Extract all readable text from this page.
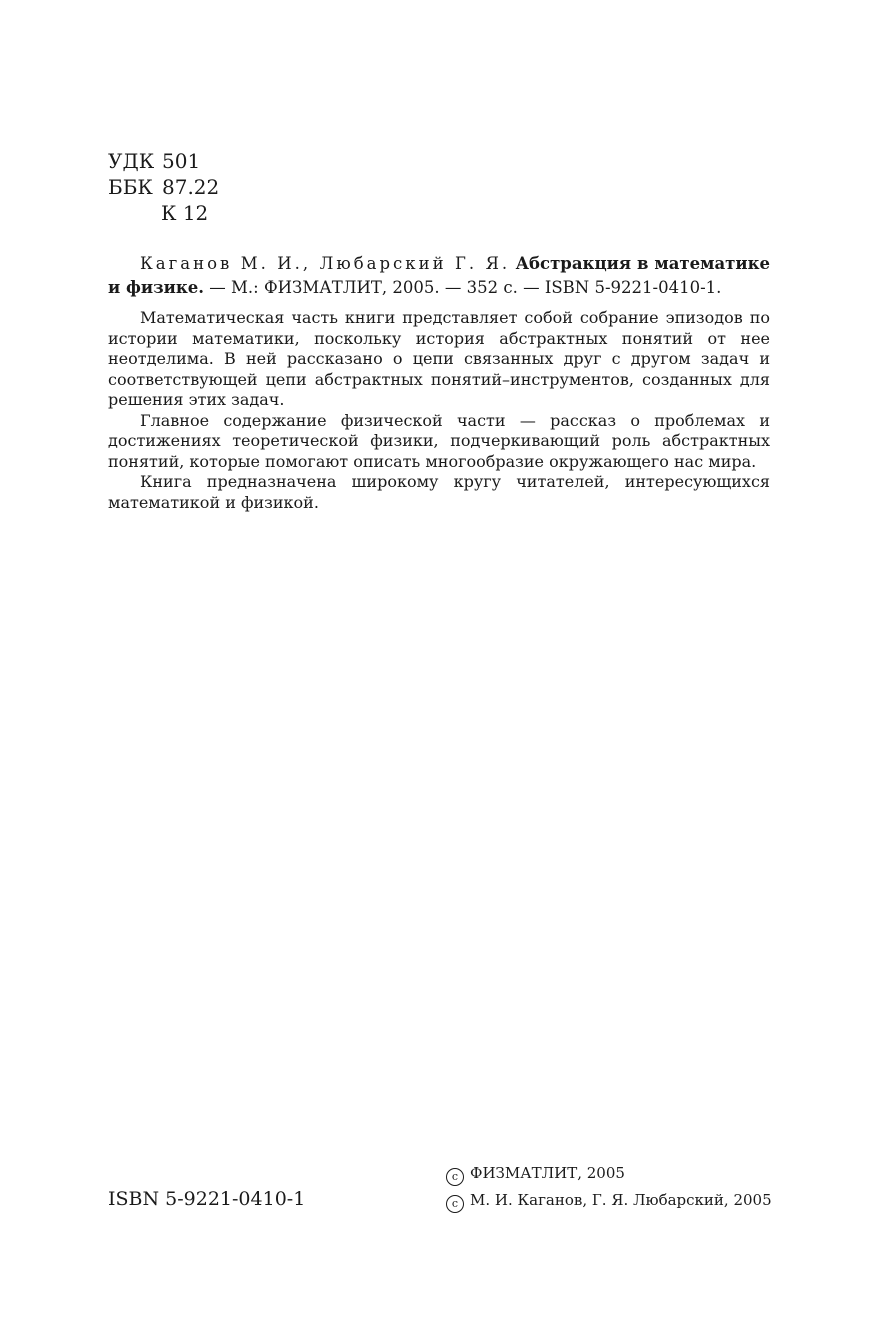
УДК 501
ББК 87.22
К 12
Каганов М. И., Любарский Г. Я. Абстракция в математике и физике. — М.: ФИЗМАТЛИТ, 2005. — 352 с. — ISBN 5-9221-0410-1.

Математическая часть книги представляет собой собрание эпизодов по истории математики, поскольку история абстрактных понятий от нее неотделима. В ней рассказано о цепи связанных друг с другом задач и соответствующей цепи абстрактных понятий–инструментов, созданных для решения этих задач.

Главное содержание физической части — рассказ о проблемах и достижениях теоретической физики, подчеркивающий роль абстрактных понятий, которые помогают описать многообразие окружающего нас мира.

Книга предназначена широкому кругу читателей, интересующихся математикой и физикой.

ISBN 5-9221-0410-1
c ФИЗМАТЛИТ, 2005
c М. И. Каганов, Г. Я. Любарский, 2005
